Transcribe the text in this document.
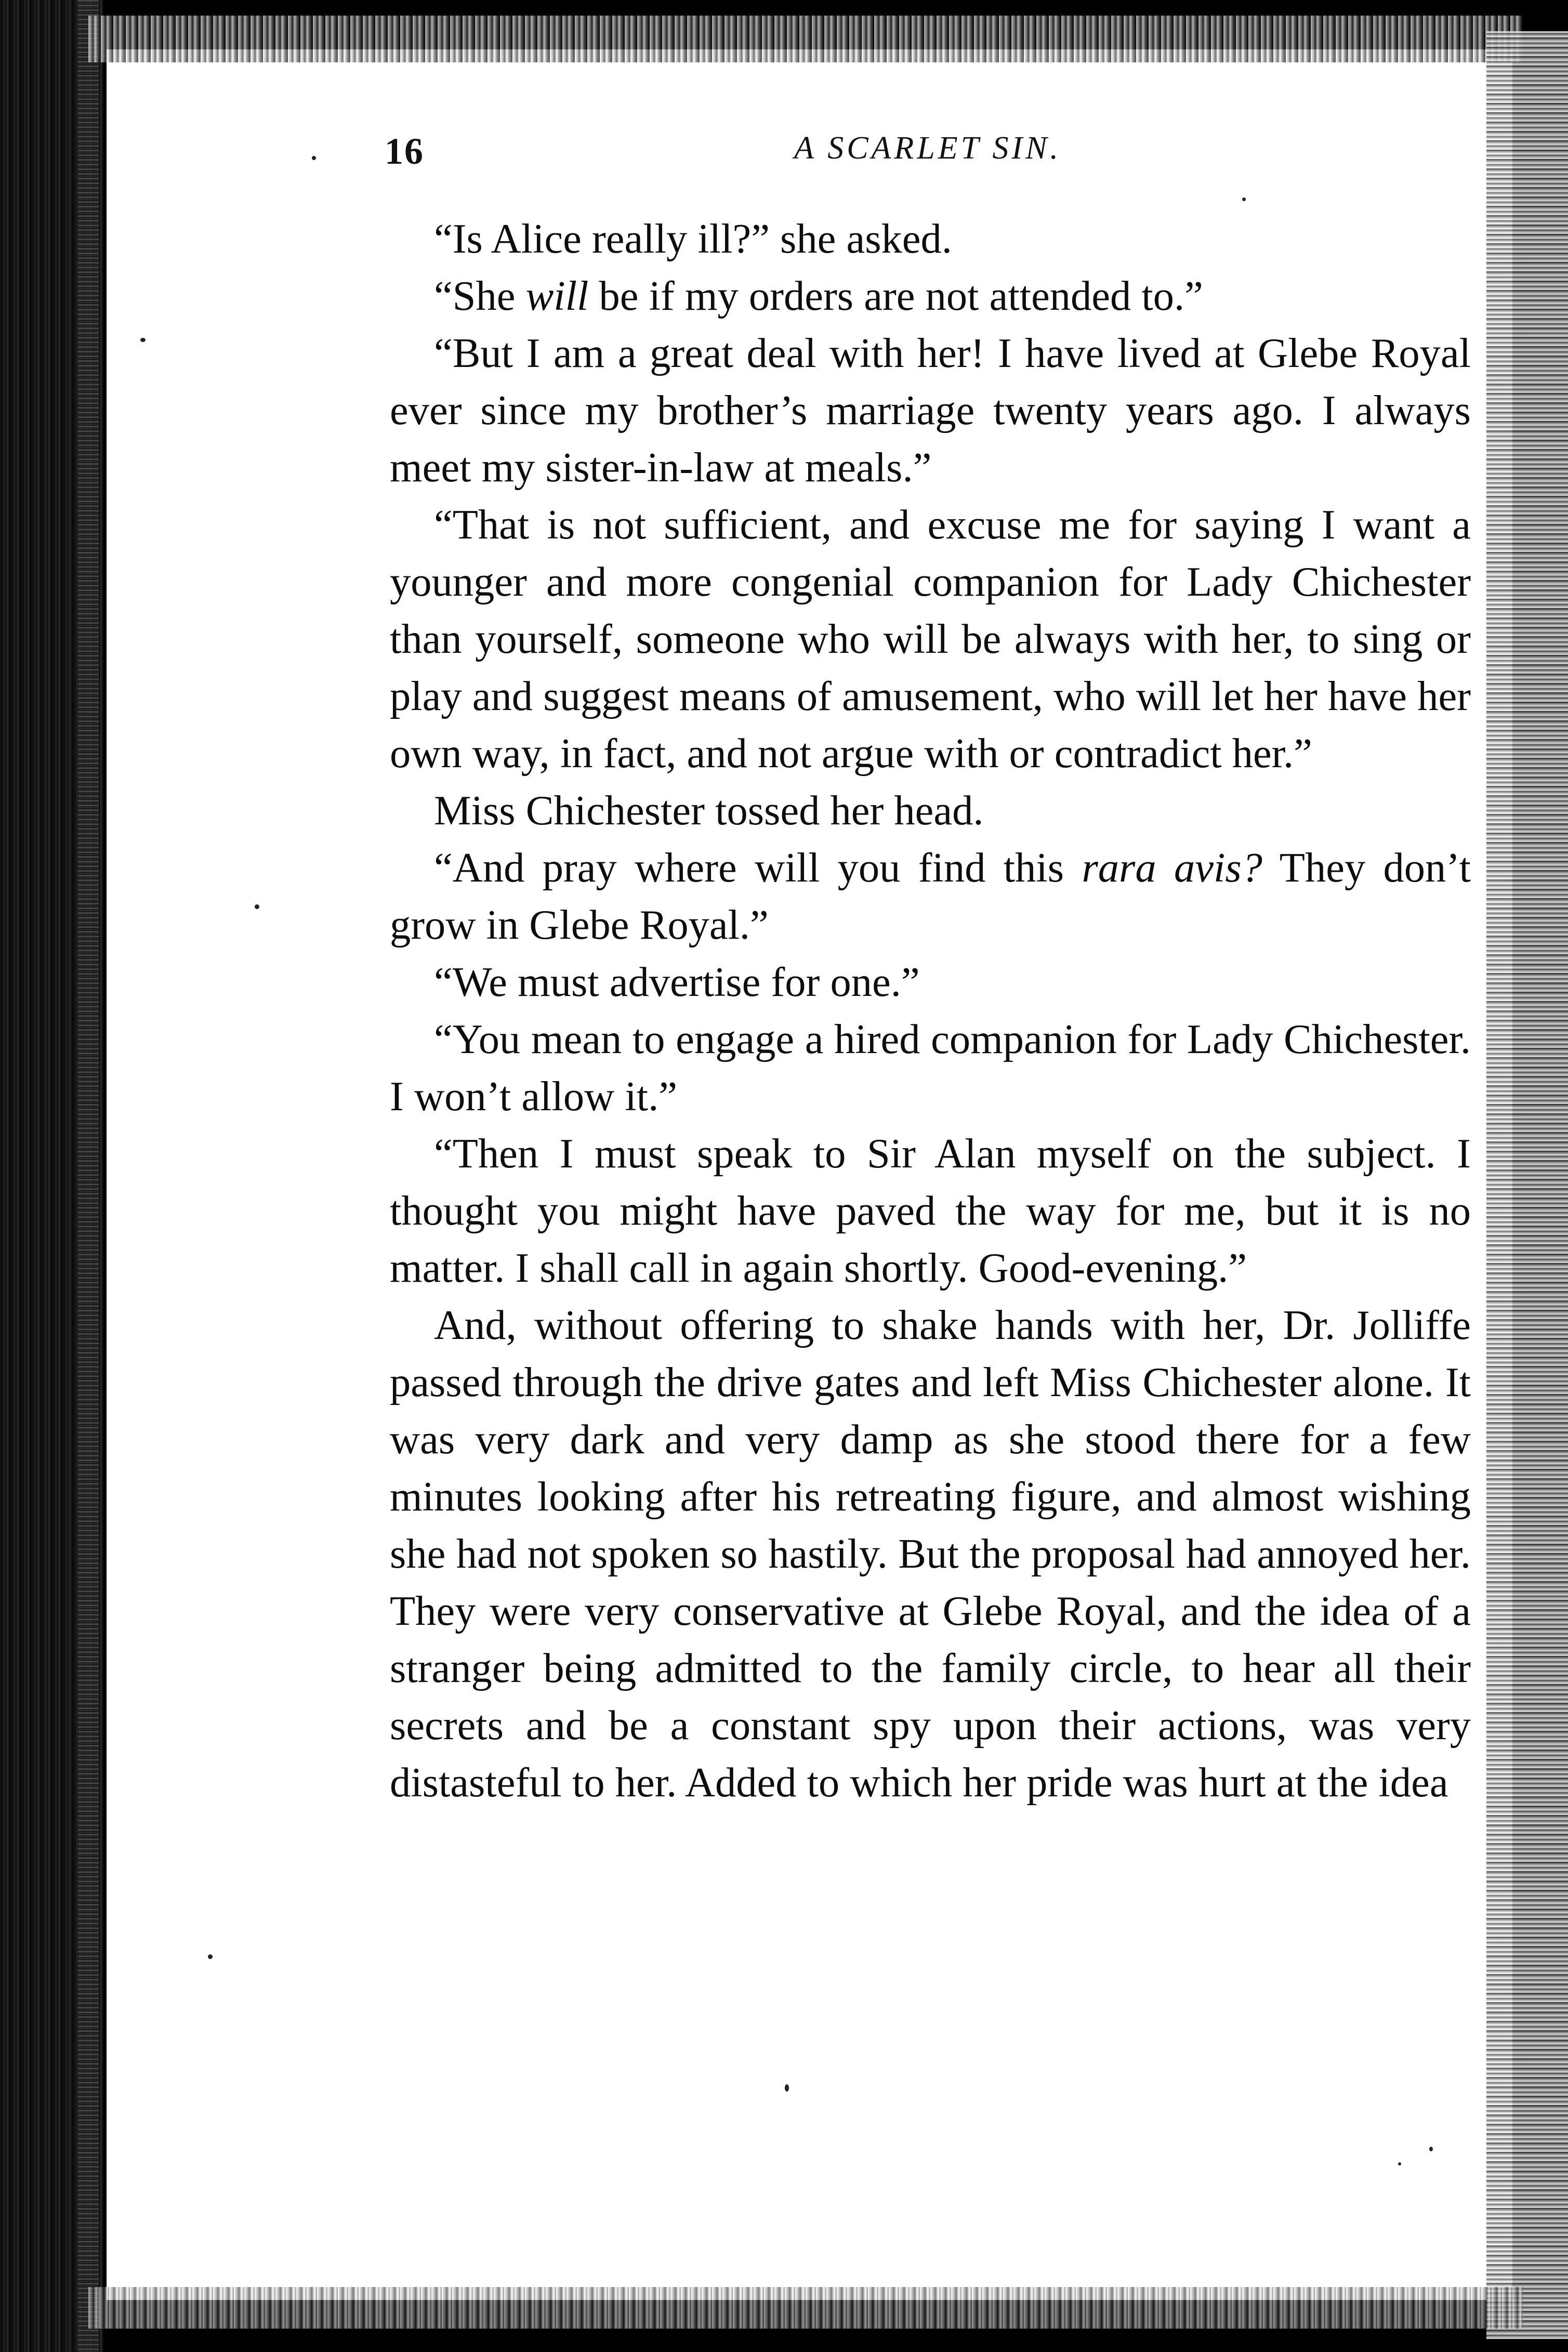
16	A SCARLET SIN.

“Is Alice really ill?” she asked.

“She will be if my orders are not attended to.”

“But I am a great deal with her! I have lived at Glebe Royal ever since my brother’s marriage twenty years ago. I always meet my sister-in-law at meals.”

“That is not sufficient, and excuse me for saying I want a younger and more congenial companion for Lady Chichester than yourself, someone who will be always with her, to sing or play and suggest means of amusement, who will let her have her own way, in fact, and not argue with or contradict her.”

Miss Chichester tossed her head.

“And pray where will you find this rara avis? They don’t grow in Glebe Royal.”

“We must advertise for one.”

“You mean to engage a hired companion for Lady Chichester. I won’t allow it.”

“Then I must speak to Sir Alan myself on the subject. I thought you might have paved the way for me, but it is no matter. I shall call in again shortly. Good-evening.”

And, without offering to shake hands with her, Dr. Jolliffe passed through the drive gates and left Miss Chichester alone. It was very dark and very damp as she stood there for a few minutes looking after his retreating figure, and almost wishing she had not spoken so hastily. But the proposal had annoyed her. They were very conservative at Glebe Royal, and the idea of a stranger being admitted to the family circle, to hear all their secrets and be a constant spy upon their actions, was very distasteful to her. Added to which her pride was hurt at the idea
